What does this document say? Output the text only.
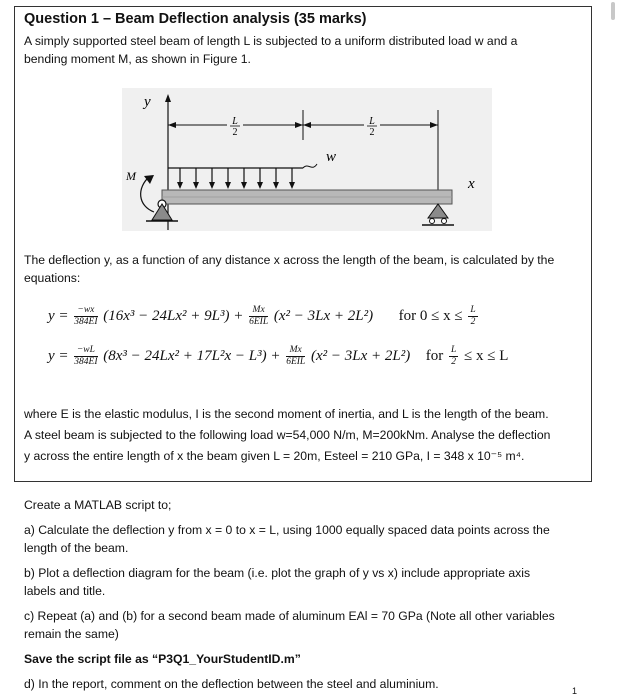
Question 1 – Beam Deflection analysis (35 marks)
A simply supported steel beam of length L is subjected to a uniform distributed load w and a
bending moment M, as shown in Figure 1.
y
L
2
L
2
w
M	x
The deflection y, as a function of any distance x across the length of the beam, is calculated by the
equations:
$y = \frac{-wx}{384EI} (16x^3 - 24Lx^2 + 9L^3) + \frac{Mx}{\text{6EIL}} (x^2 - 3Lx + 2L^2)$ for $0 \le x \le \frac{L}{2}$
$y = \frac{-wL}{384EI} (8x^3 - 24Lx^2 + 17L^2x - L^3) + \frac{Mx}{\text{6EIL}} (x^2 - 3Lx + 2L^2)$ for $\frac{L}{2} \le x \le L$
where E is the elastic modulus, I is the second moment of inertia, and L is the length of the beam.
A steel beam is subjected to the following load w=54,000 N/m, M=200kNm. Analyse the deflection
y across the entire length of x the beam given L = 20m, Esteel = 210 GPa, I = 348 x 10⁻⁵ m⁴.

Create a MATLAB script to;

a) Calculate the deflection y from x = 0 to x = L, using 1000 equally spaced data points across the
length of the beam.

b) Plot a deflection diagram for the beam (i.e. plot the graph of y vs x) include appropriate axis
labels and title.

c) Repeat (a) and (b) for a second beam made of aluminum EAl = 70 GPa (Note all other variables
remain the same)

Save the script file as “P3Q1_YourStudentID.m”

d) In the report, comment on the deflection between the steel and aluminium.	1
